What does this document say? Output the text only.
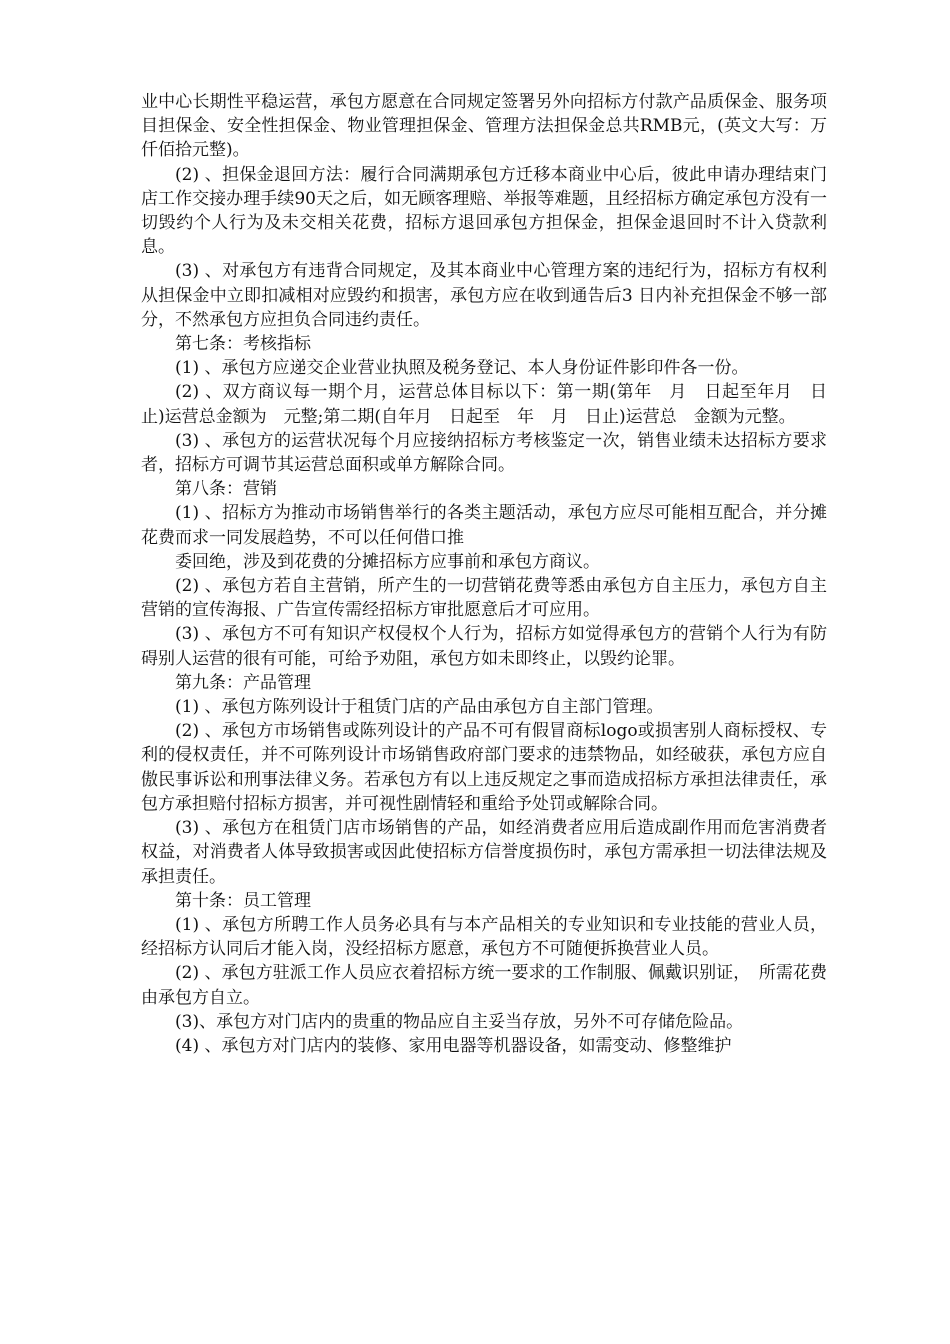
业中心长期性平稳运营，承包方愿意在合同规定签署另外向招标方付款产品质保金、服务项目担保金、安全性担保金、物业管理担保金、管理方法担保金总共RMB元，(英文大写：万仟佰拾元整)。

(2) 、担保金退回方法：履行合同满期承包方迁移本商业中心后，彼此申请办理结束门店工作交接办理手续90天之后，如无顾客理赔、举报等难题，且经招标方确定承包方没有一切毁约个人行为及未交相关花费，招标方退回承包方担保金，担保金退回时不计入贷款利息。

(3) 、对承包方有违背合同规定，及其本商业中心管理方案的违纪行为，招标方有权利从担保金中立即扣减相对应毁约和损害，承包方应在收到通告后3 日内补充担保金不够一部分，不然承包方应担负合同违约责任。

第七条：考核指标

(1) 、承包方应递交企业营业执照及税务登记、本人身份证件影印件各一份。

(2) 、双方商议每一期个月，运营总体目标以下：第一期(第年　月　日起至年月　日止)运营总金额为　元整;第二期(自年月　日起至　年　月　日止)运营总　金额为元整。

(3) 、承包方的运营状况每个月应接纳招标方考核鉴定一次，销售业绩未达招标方要求者，招标方可调节其运营总面积或单方解除合同。

第八条：营销

(1) 、招标方为推动市场销售举行的各类主题活动，承包方应尽可能相互配合，并分摊花费而求一同发展趋势，不可以任何借口推

委回绝，涉及到花费的分摊招标方应事前和承包方商议。

(2) 、承包方若自主营销，所产生的一切营销花费等悉由承包方自主压力，承包方自主营销的宣传海报、广告宣传需经招标方审批愿意后才可应用。

(3) 、承包方不可有知识产权侵权个人行为，招标方如觉得承包方的营销个人行为有防碍别人运营的很有可能，可给予劝阻，承包方如未即终止，以毁约论罪。

第九条：产品管理

(1) 、承包方陈列设计于租赁门店的产品由承包方自主部门管理。

(2) 、承包方市场销售或陈列设计的产品不可有假冒商标logo或损害别人商标授权、专利的侵权责任，并不可陈列设计市场销售政府部门要求的违禁物品，如经破获，承包方应自傲民事诉讼和刑事法律义务。若承包方有以上违反规定之事而造成招标方承担法律责任，承包方承担赔付招标方损害，并可视性剧情轻和重给予处罚或解除合同。

(3) 、承包方在租赁门店市场销售的产品，如经消费者应用后造成副作用而危害消费者权益，对消费者人体导致损害或因此使招标方信誉度损伤时，承包方需承担一切法律法规及承担责任。

第十条：员工管理

(1) 、承包方所聘工作人员务必具有与本产品相关的专业知识和专业技能的营业人员，经招标方认同后才能入岗，没经招标方愿意，承包方不可随便拆换营业人员。

(2) 、承包方驻派工作人员应衣着招标方统一要求的工作制服、佩戴识别证，　所需花费由承包方自立。

(3)、承包方对门店内的贵重的物品应自主妥当存放，另外不可存储危险品。

(4) 、承包方对门店内的装修、家用电器等机器设备，如需变动、修整维护
